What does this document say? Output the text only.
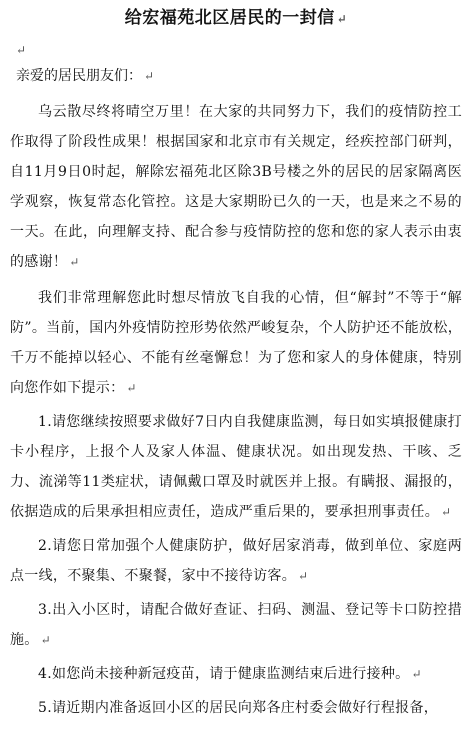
给宏福苑北区居民的一封信 ↵
↵
亲爱的居民朋友们： ↵
乌云散尽终将晴空万里！在大家的共同努力下，我们的疫情防控工作取得了阶段性成果！根据国家和北京市有关规定，经疾控部门研判，自11月9日0时起，解除宏福苑北区除3B号楼之外的居民的居家隔离医学观察，恢复常态化管控。这是大家期盼已久的一天，也是来之不易的一天。在此，向理解支持、配合参与疫情防控的您和您的家人表示由衷的感谢！ ↵
我们非常理解您此时想尽情放飞自我的心情，但“解封”不等于“解防”。当前，国内外疫情防控形势依然严峻复杂，个人防护还不能放松，千万不能掉以轻心、不能有丝毫懈怠！为了您和家人的身体健康，特别向您作如下提示： ↵
1.请您继续按照要求做好7日内自我健康监测，每日如实填报健康打卡小程序，上报个人及家人体温、健康状况。如出现发热、干咳、乏力、流涕等11类症状，请佩戴口罩及时就医并上报。有瞒报、漏报的，依据造成的后果承担相应责任，造成严重后果的，要承担刑事责任。 ↵
2.请您日常加强个人健康防护，做好居家消毒，做到单位、家庭两点一线，不聚集、不聚餐，家中不接待访客。 ↵
3.出入小区时，请配合做好查证、扫码、测温、登记等卡口防控措施。 ↵
4.如您尚未接种新冠疫苗，请于健康监测结束后进行接种。 ↵
5.请近期内准备返回小区的居民向郑各庄村委会做好行程报备，
